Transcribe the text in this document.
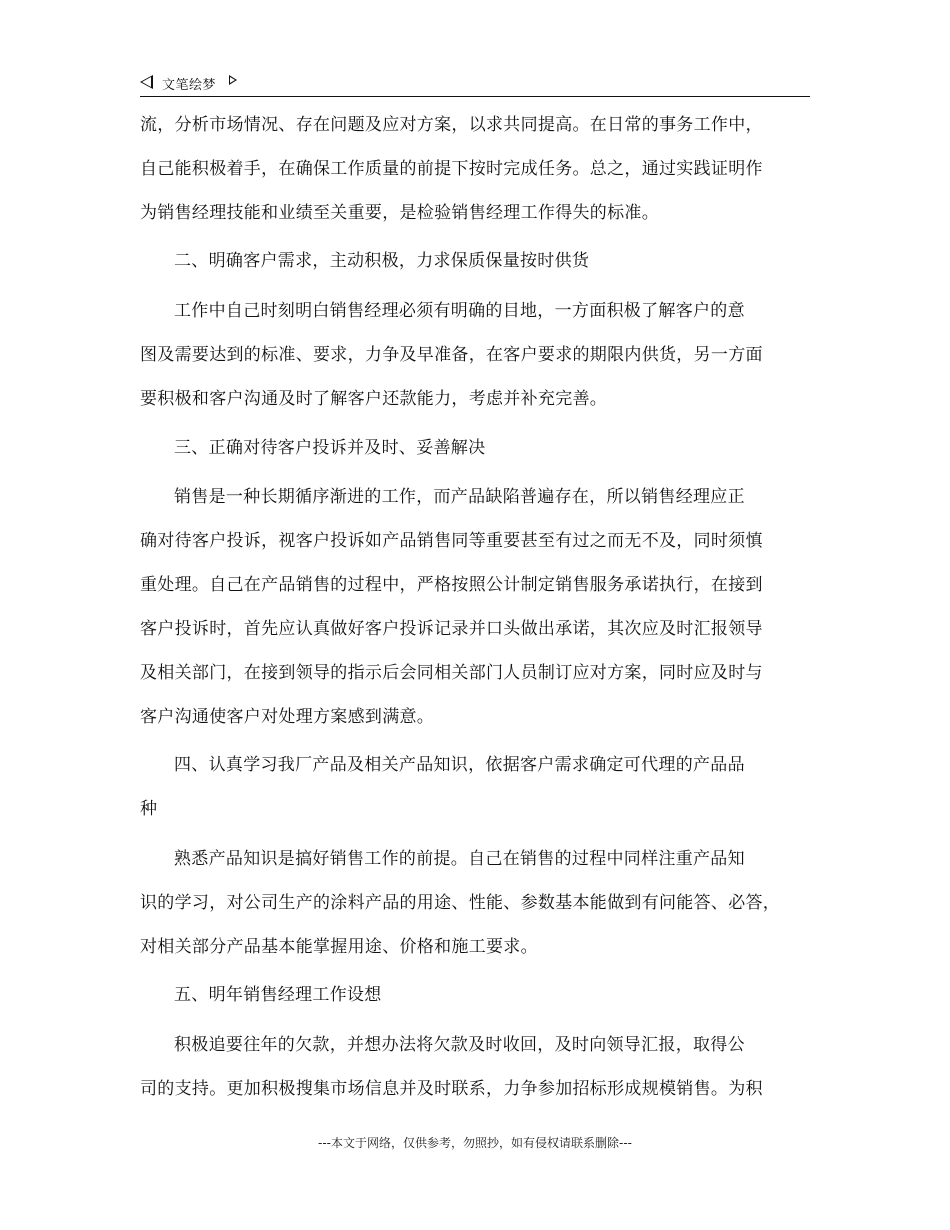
文笔绘梦
流，分析市场情况、存在问题及应对方案，以求共同提高。在日常的事务工作中，
自己能积极着手，在确保工作质量的前提下按时完成任务。总之，通过实践证明作
为销售经理技能和业绩至关重要，是检验销售经理工作得失的标准。
二、明确客户需求，主动积极，力求保质保量按时供货
工作中自己时刻明白销售经理必须有明确的目地，一方面积极了解客户的意
图及需要达到的标准、要求，力争及早准备，在客户要求的期限内供货，另一方面
要积极和客户沟通及时了解客户还款能力，考虑并补充完善。
三、正确对待客户投诉并及时、妥善解决
销售是一种长期循序渐进的工作，而产品缺陷普遍存在，所以销售经理应正
确对待客户投诉，视客户投诉如产品销售同等重要甚至有过之而无不及，同时须慎
重处理。自己在产品销售的过程中，严格按照公计制定销售服务承诺执行，在接到
客户投诉时，首先应认真做好客户投诉记录并口头做出承诺，其次应及时汇报领导
及相关部门，在接到领导的指示后会同相关部门人员制订应对方案，同时应及时与
客户沟通使客户对处理方案感到满意。
四、认真学习我厂产品及相关产品知识，依据客户需求确定可代理的产品品
种
熟悉产品知识是搞好销售工作的前提。自己在销售的过程中同样注重产品知
识的学习，对公司生产的涂料产品的用途、性能、参数基本能做到有问能答、必答，
对相关部分产品基本能掌握用途、价格和施工要求。
五、明年销售经理工作设想
积极追要往年的欠款，并想办法将欠款及时收回，及时向领导汇报，取得公
司的支持。更加积极搜集市场信息并及时联系，力争参加招标形成规模销售。为积
---本文于网络，仅供参考，勿照抄，如有侵权请联系删除---
